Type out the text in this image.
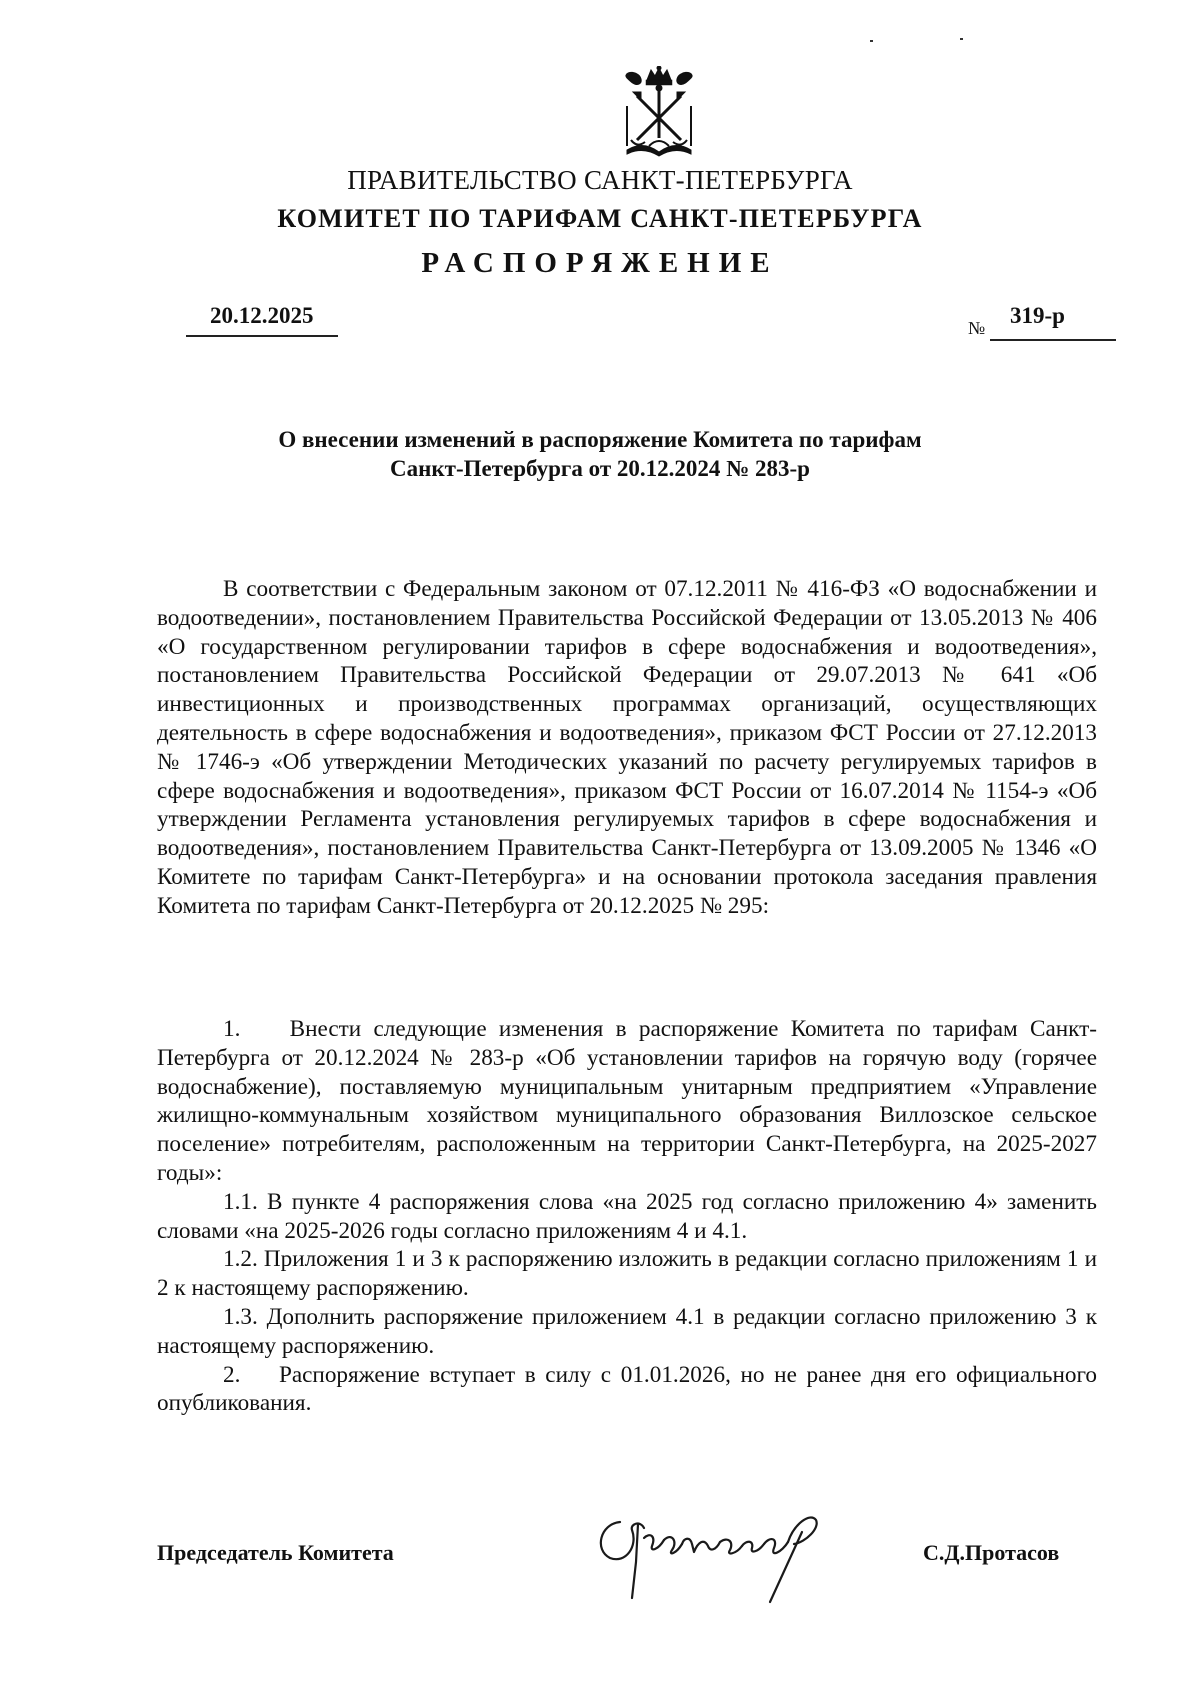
ПРАВИТЕЛЬСТВО САНКТ-ПЕТЕРБУРГА
КОМИТЕТ ПО ТАРИФАМ САНКТ-ПЕТЕРБУРГА
РАСПОРЯЖЕНИЕ
20.12.2025	№ 319-р
О внесении изменений в распоряжение Комитета по тарифам
Санкт-Петербурга от 20.12.2024 № 283-р

В соответствии с Федеральным законом от 07.12.2011 № 416-ФЗ «О водоснабжении и водоотведении», постановлением Правительства Российской Федерации от 13.05.2013 № 406 «О государственном регулировании тарифов в сфере водоснабжения и водоотведения», постановлением Правительства Российской Федерации от 29.07.2013 № 641 «Об инвестиционных и производственных программах организаций, осуществляющих деятельность в сфере водоснабжения и водоотведения», приказом ФСТ России от 27.12.2013 № 1746-э «Об утверждении Методических указаний по расчету регулируемых тарифов в сфере водоснабжения и водоотведения», приказом ФСТ России от 16.07.2014 № 1154-э «Об утверждении Регламента установления регулируемых тарифов в сфере водоснабжения и водоотведения», постановлением Правительства Санкт-Петербурга от 13.09.2005 № 1346 «О Комитете по тарифам Санкт-Петербурга» и на основании протокола заседания правления Комитета по тарифам Санкт-Петербурга от 20.12.2025 № 295:

1.    Внести следующие изменения в распоряжение Комитета по тарифам Санкт-Петербурга от 20.12.2024 № 283-р «Об установлении тарифов на горячую воду (горячее водоснабжение), поставляемую муниципальным унитарным предприятием «Управление жилищно-коммунальным хозяйством муниципального образования Виллозское сельское поселение» потребителям, расположенным на территории Санкт-Петербурга, на 2025-2027 годы»:

1.1. В пункте 4 распоряжения слова «на 2025 год согласно приложению 4» заменить словами «на 2025-2026 годы согласно приложениям 4 и 4.1.

1.2. Приложения 1 и 3 к распоряжению изложить в редакции согласно приложениям 1 и 2 к настоящему распоряжению.

1.3. Дополнить распоряжение приложением 4.1 в редакции согласно приложению 3 к настоящему распоряжению.

2.    Распоряжение вступает в силу с 01.01.2026, но не ранее дня его официального опубликования.

Председатель Комитета	С.Д.Протасов
